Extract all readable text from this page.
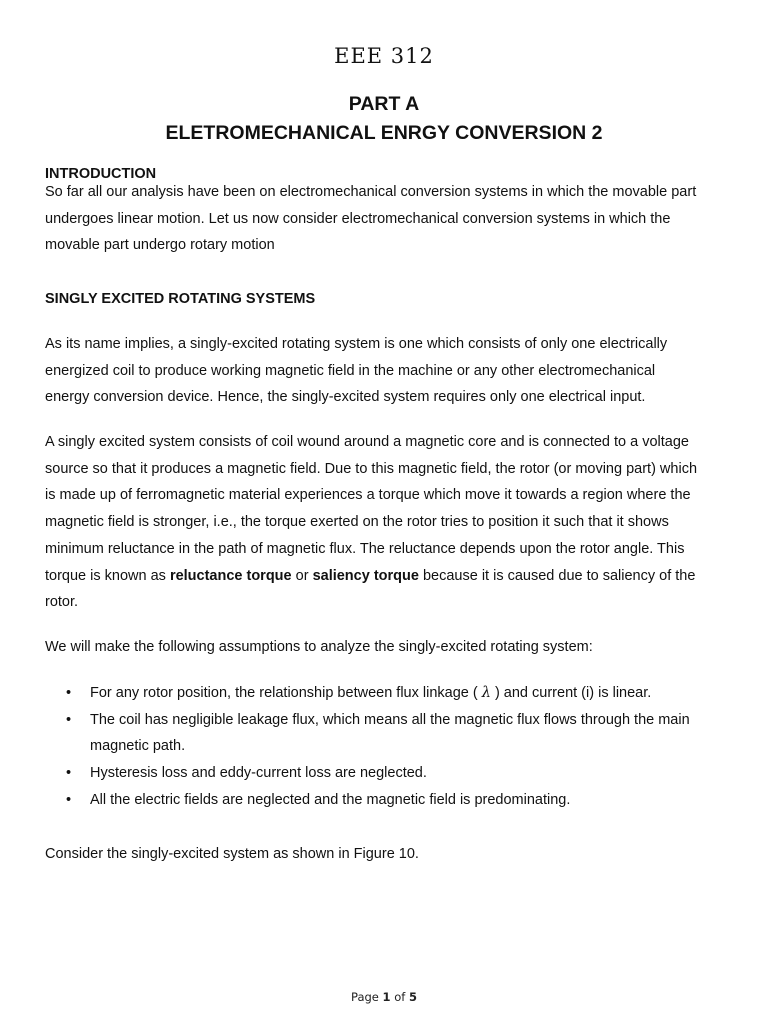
EEE 312
PART A
ELETROMECHANICAL ENRGY CONVERSION 2
INTRODUCTION
So far all our analysis have been on electromechanical conversion systems in which the movable part
undergoes linear motion. Let us now consider electromechanical conversion systems in which the
movable part undergo rotary motion
SINGLY EXCITED ROTATING SYSTEMS
As its name implies, a singly-excited rotating system is one which consists of only one electrically
energized coil to produce working magnetic field in the machine or any other electromechanical
energy conversion device. Hence, the singly-excited system requires only one electrical input.
A singly excited system consists of coil wound around a magnetic core and is connected to a voltage
source so that it produces a magnetic field. Due to this magnetic field, the rotor (or moving part) which
is made up of ferromagnetic material experiences a torque which move it towards a region where the
magnetic field is stronger, i.e., the torque exerted on the rotor tries to position it such that it shows
minimum reluctance in the path of magnetic flux. The reluctance depends upon the rotor angle. This
torque is known as reluctance torque or saliency torque because it is caused due to saliency of the
rotor.
We will make the following assumptions to analyze the singly-excited rotating system:
• For any rotor position, the relationship between flux linkage ( λ ) and current (i) is linear.
• The coil has negligible leakage flux, which means all the magnetic flux flows through the main
magnetic path.
• Hysteresis loss and eddy-current loss are neglected.
• All the electric fields are neglected and the magnetic field is predominating.
Consider the singly-excited system as shown in Figure 10.
Page 1 of 5
